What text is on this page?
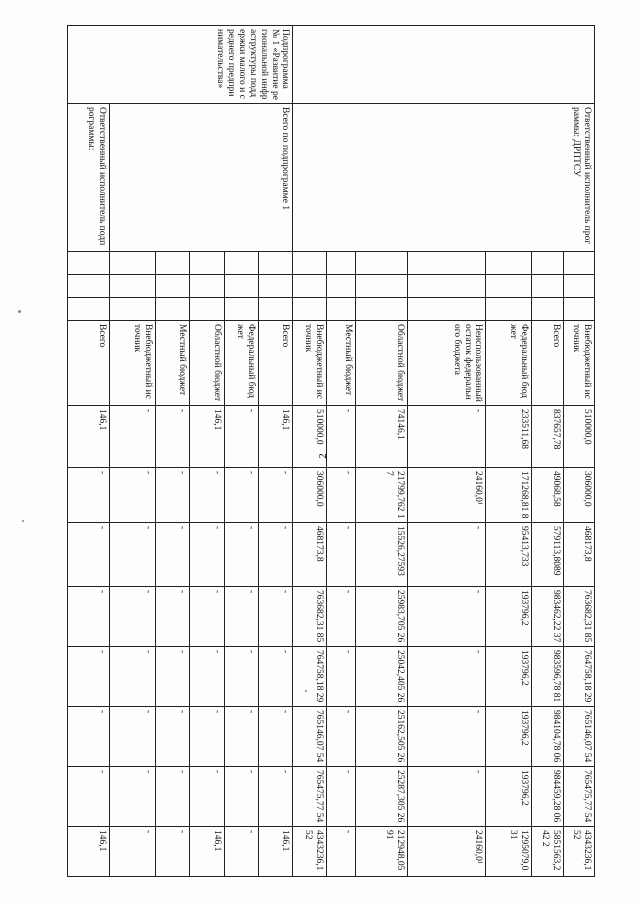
2
	Ответственный исполнитель программы: ДРПТСУ				Внебюджетный источник	510000,0	306000,0	468173,8	763682,31 85	764758,18 29	765146,07 54	765475,77 54	4343236,152
					Всего	837657,78	49068,58	579113,8089	983462,22 37	983596,78 81	984104,78 06	984459,28 06	5851563,242 2
					Федеральный бюджет	233511,68	171268,81 8	95413,733	193796,2	193796,2	193796,2	193796,2	1295079,031
					Неиспользованный остаток федерального бюджета	-	24160,0¹	-	-	-	-	-	24160,0¹
					Областной бюджет	74146,1	21799,762 17	15526,27593	25983,705 26	25042,405 26	25162,505 26	25287,305 26	212948,0591
					Местный бюджет	-	-	-	-	-	-	-	-
					Внебюджетный источник	510000,0	306000,0	468173,8	763682,31 85	764758,18 29	765146,07 54	765475,77 54	4343236,152
Подпрограмма № 1 «Развитие региональной инфраструктуры поддержки малого и среднего предпринимательства»	Всего по подпрограмме 1				Всего	146,1	-	-	-	-	-	-	146,1
					Федеральный бюджет	-	-	-	-	-	-	-	-
					Областной бюджет	146,1	-	-	-	-	-	-	146,1
					Местный бюджет	-	-	-	-	-	-	-	-
					Внебюджетный источник	-	-	-	-	-	-	-	-
	Ответственный исполнитель подпрограммы:				Всего	146,1	-	-	-	-	-	-	146,1
